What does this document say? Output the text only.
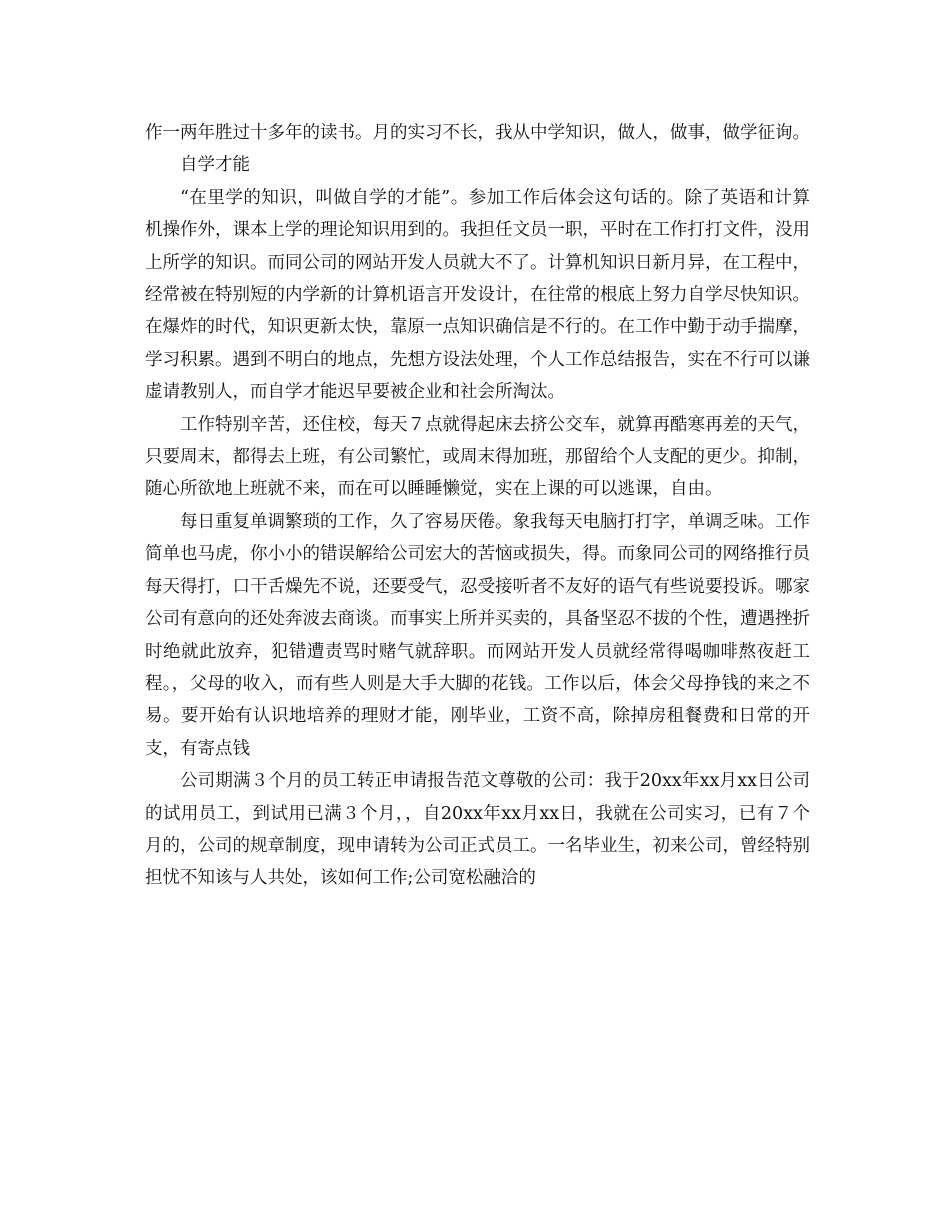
作一两年胜过十多年的读书。月的实习不长，我从中学知识，做人，做事，做学征询。

自学才能

“在里学的知识，叫做自学的才能”。参加工作后体会这句话的。除了英语和计算机操作外，课本上学的理论知识用到的。我担任文员一职，平时在工作打打文件，没用上所学的知识。而同公司的网站开发人员就大不了。计算机知识日新月异，在工程中，经常被在特别短的内学新的计算机语言开发设计，在往常的根底上努力自学尽快知识。在爆炸的时代，知识更新太快，靠原一点知识确信是不行的。在工作中勤于动手揣摩，学习积累。遇到不明白的地点，先想方设法处理，个人工作总结报告，实在不行可以谦虚请教别人，而自学才能迟早要被企业和社会所淘汰。

工作特别辛苦，还住校，每天７点就得起床去挤公交车，就算再酷寒再差的天气，只要周末，都得去上班，有公司繁忙，或周末得加班，那留给个人支配的更少。抑制，随心所欲地上班就不来，而在可以睡睡懒觉，实在上课的可以逃课，自由。

每日重复单调繁琐的工作，久了容易厌倦。象我每天电脑打打字，单调乏味。工作简单也马虎，你小小的错误解给公司宏大的苦恼或损失，得。而象同公司的网络推行员每天得打，口干舌燥先不说，还要受气，忍受接听者不友好的语气有些说要投诉。哪家公司有意向的还处奔波去商谈。而事实上所并买卖的，具备坚忍不拔的个性，遭遇挫折时绝就此放弃，犯错遭责骂时赌气就辞职。而网站开发人员就经常得喝咖啡熬夜赶工程。，父母的收入，而有些人则是大手大脚的花钱。工作以后，体会父母挣钱的来之不易。要开始有认识地培养的理财才能，刚毕业，工资不高，除掉房租餐费和日常的开支，有寄点钱

公司期满３个月的员工转正申请报告范文尊敬的公司：我于20xx年xx月xx日公司的试用员工，到试用已满３个月，，自20xx年xx月xx日，我就在公司实习，已有７个月的，公司的规章制度，现申请转为公司正式员工。一名毕业生，初来公司，曾经特别担忧不知该与人共处，该如何工作;公司宽松融洽的
